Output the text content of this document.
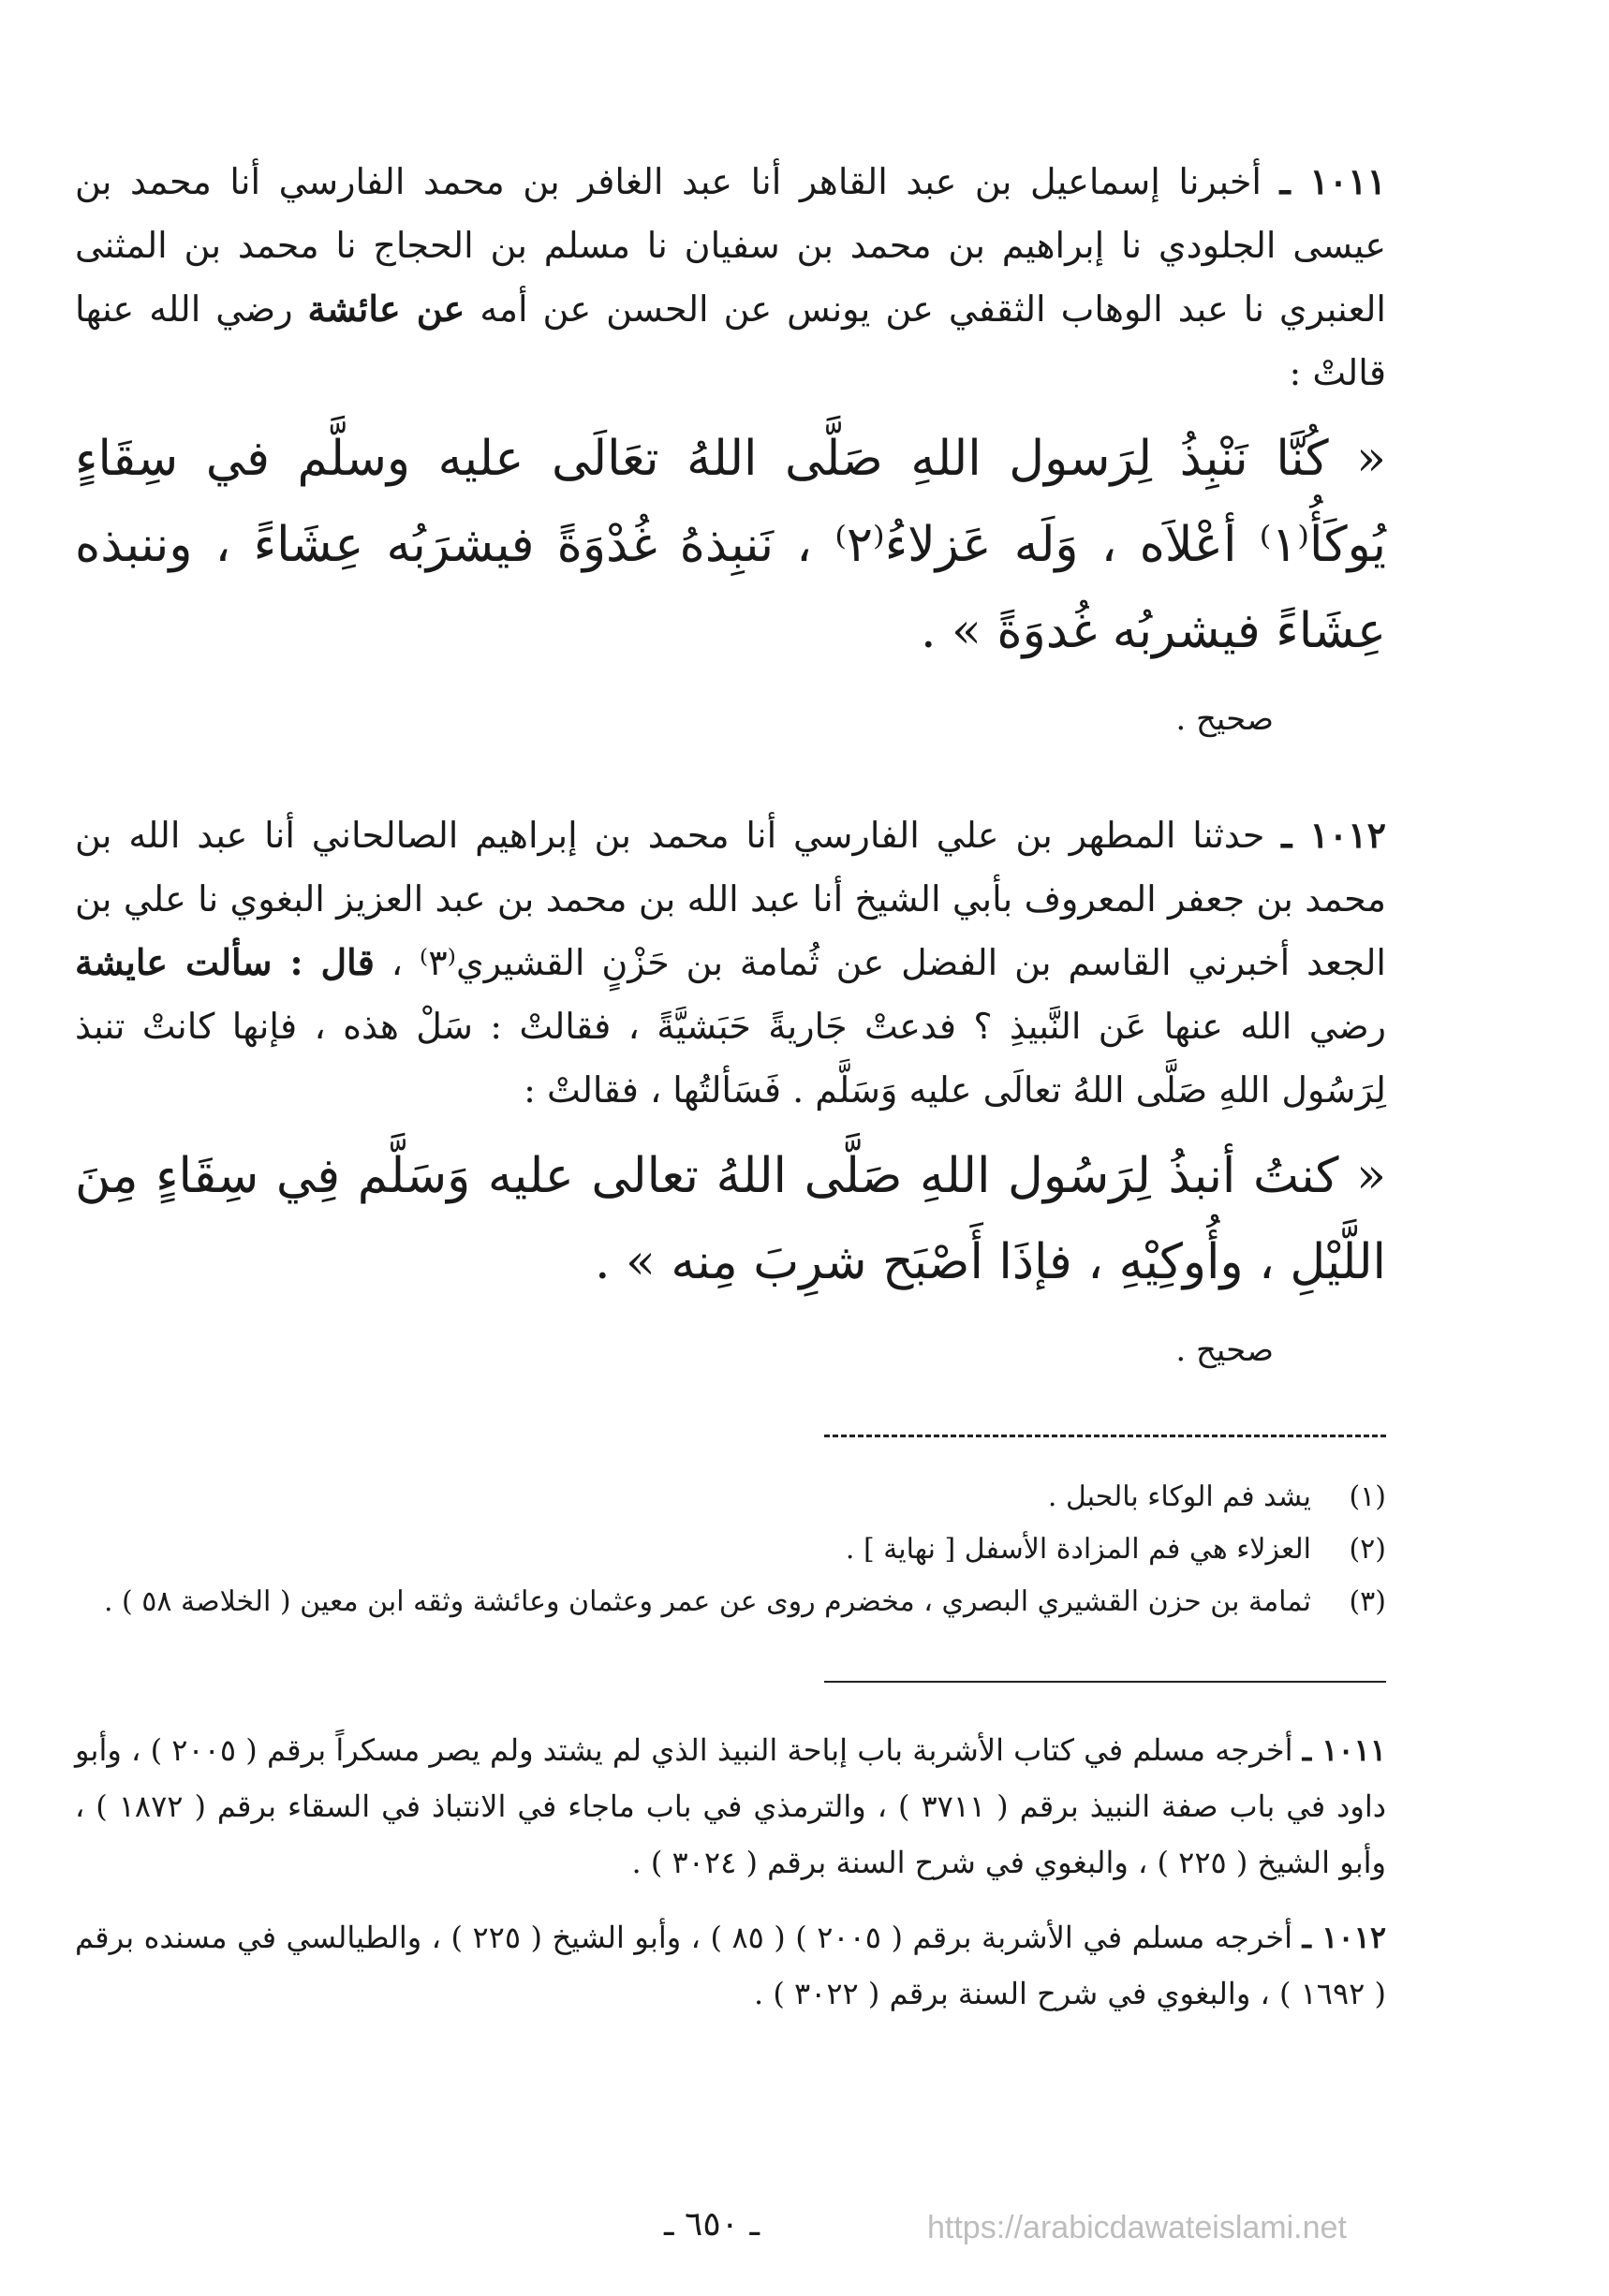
١٠١١ ـ أخبرنا إسماعيل بن عبد القاهر أنا عبد الغافر بن محمد الفارسي أنا محمد بن عيسى الجلودي نا إبراهيم بن محمد بن سفيان نا مسلم بن الحجاج نا محمد بن المثنى العنبري نا عبد الوهاب الثقفي عن يونس عن الحسن عن أمه عن عائشة رضي الله عنها قالتْ :

« كُنَّا نَنْبِذُ لِرَسول اللهِ صَلَّى اللهُ تعَالَى عليه وسلَّم في سِقَاءٍ يُوكَأُ⁽١⁾ أعْلاَه ، وَلَه عَزلاءُ⁽٢⁾ ، نَنبِذهُ غُدْوَةً فيشرَبُه عِشَاءً ، وننبذه عِشَاءً فيشربُه غُدوَةً » .

صحيح .

١٠١٢ ـ حدثنا المطهر بن علي الفارسي أنا محمد بن إبراهيم الصالحاني أنا عبد الله بن محمد بن جعفر المعروف بأبي الشيخ أنا عبد الله بن محمد بن عبد العزيز البغوي نا علي بن الجعد أخبرني القاسم بن الفضل عن ثُمامة بن حَزْنٍ القشيري⁽٣⁾ ، قال : سألت عايشة رضي الله عنها عَن النَّبيذِ ؟ فدعتْ جَاريةً حَبَشيَّةً ، فقالتْ : سَلْ هذه ، فإنها كانتْ تنبذ لِرَسُول اللهِ صَلَّى اللهُ تعالَى عليه وَسَلَّم . فَسَألتُها ، فقالتْ :

« كنتُ أنبذُ لِرَسُول اللهِ صَلَّى اللهُ تعالى عليه وَسَلَّم فِي سِقَاءٍ مِنَ اللَّيْلِ ، وأُوكِيْهِ ، فإذَا أَصْبَح شرِبَ مِنه » .

صحيح .

(١)
يشد فم الوكاء بالحبل .
(٢)
العزلاء هي فم المزادة الأسفل [ نهاية ] .
(٣)
ثمامة بن حزن القشيري البصري ، مخضرم روى عن عمر وعثمان وعائشة وثقه ابن معين ( الخلاصة ٥٨ ) .

١٠١١ ـ أخرجه مسلم في كتاب الأشربة باب إباحة النبيذ الذي لم يشتد ولم يصر مسكراً برقم ( ٢٠٠٥ ) ، وأبو داود في باب صفة النبيذ برقم ( ٣٧١١ ) ، والترمذي في باب ماجاء في الانتباذ في السقاء برقم ( ١٨٧٢ ) ، وأبو الشيخ ( ٢٢٥ ) ، والبغوي في شرح السنة برقم ( ٣٠٢٤ ) .

١٠١٢ ـ أخرجه مسلم في الأشربة برقم ( ٢٠٠٥ ) ( ٨٥ ) ، وأبو الشيخ ( ٢٢٥ ) ، والطيالسي في مسنده برقم ( ١٦٩٢ ) ، والبغوي في شرح السنة برقم ( ٣٠٢٢ ) .

ـ ٦٥٠ ـ	https://arabicdawateislami.net
